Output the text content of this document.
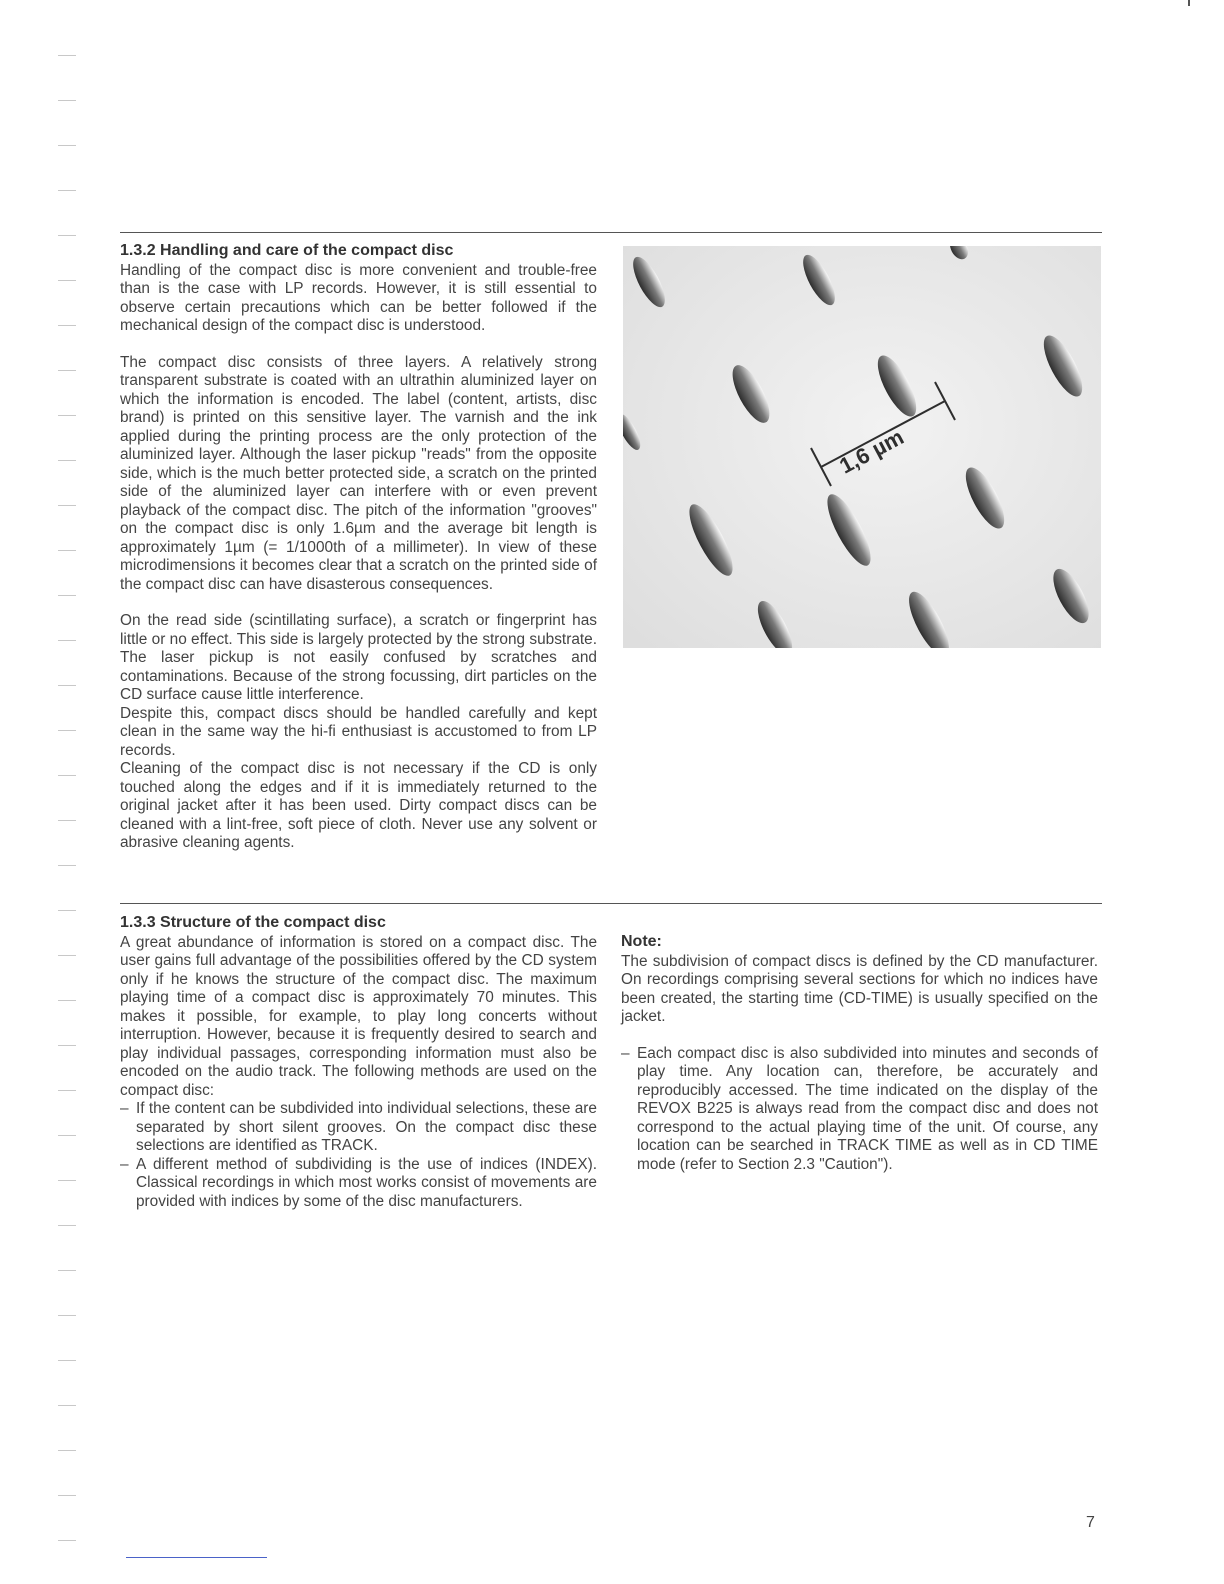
1.3.2 Handling and care of the compact disc

Handling of the compact disc is more convenient and trouble-free than is the case with LP records. However, it is still essential to observe certain precautions which can be better followed if the mechanical design of the compact disc is understood.

The compact disc consists of three layers. A relatively strong transparent substrate is coated with an ultrathin aluminized layer on which the information is encoded. The label (content, artists, disc brand) is printed on this sensitive layer. The varnish and the ink applied during the printing process are the only protection of the aluminized layer. Although the laser pickup "reads" from the opposite side, which is the much better protected side, a scratch on the printed side of the aluminized layer can interfere with or even prevent playback of the compact disc. The pitch of the information "grooves" on the compact disc is only 1.6µm and the average bit length is approximately 1µm (= 1/1000th of a millimeter). In view of these microdimensions it becomes clear that a scratch on the printed side of the compact disc can have disasterous consequences.

On the read side (scintillating surface), a scratch or fingerprint has little or no effect. This side is largely protected by the strong substrate. The laser pickup is not easily confused by scratches and contaminations. Because of the strong focussing, dirt particles on the CD surface cause little interference.

Despite this, compact discs should be handled carefully and kept clean in the same way the hi-fi enthusiast is accustomed to from LP records.

Cleaning of the compact disc is not necessary if the CD is only touched along the edges and if it is immediately returned to the original jacket after it has been used. Dirty compact discs can be cleaned with a lint-free, soft piece of cloth. Never use any solvent or abrasive cleaning agents.

1,6 µm
1.3.3 Structure of the compact disc

A great abundance of information is stored on a compact disc. The user gains full advantage of the possibilities offered by the CD system only if he knows the structure of the compact disc. The maximum playing time of a compact disc is approximately 70 minutes. This makes it possible, for example, to play long concerts without interruption. However, because it is frequently desired to search and play individual passages, corresponding information must also be encoded on the audio track. The following methods are used on the compact disc:

– If the content can be subdivided into individual selections, these are separated by short silent grooves. On the compact disc these selections are identified as TRACK.
– A different method of subdividing is the use of indices (INDEX). Classical recordings in which most works consist of movements are provided with indices by some of the disc manufacturers.
Note:

The subdivision of compact discs is defined by the CD manufacturer. On recordings comprising several sections for which no indices have been created, the starting time (CD-TIME) is usually specified on the jacket.

– Each compact disc is also subdivided into minutes and seconds of play time. Any location can, therefore, be accurately and reproducibly accessed. The time indicated on the display of the REVOX B225 is always read from the compact disc and does not correspond to the actual playing time of the unit. Of course, any location can be searched in TRACK TIME as well as in CD TIME mode (refer to Section 2.3 "Caution").
7
